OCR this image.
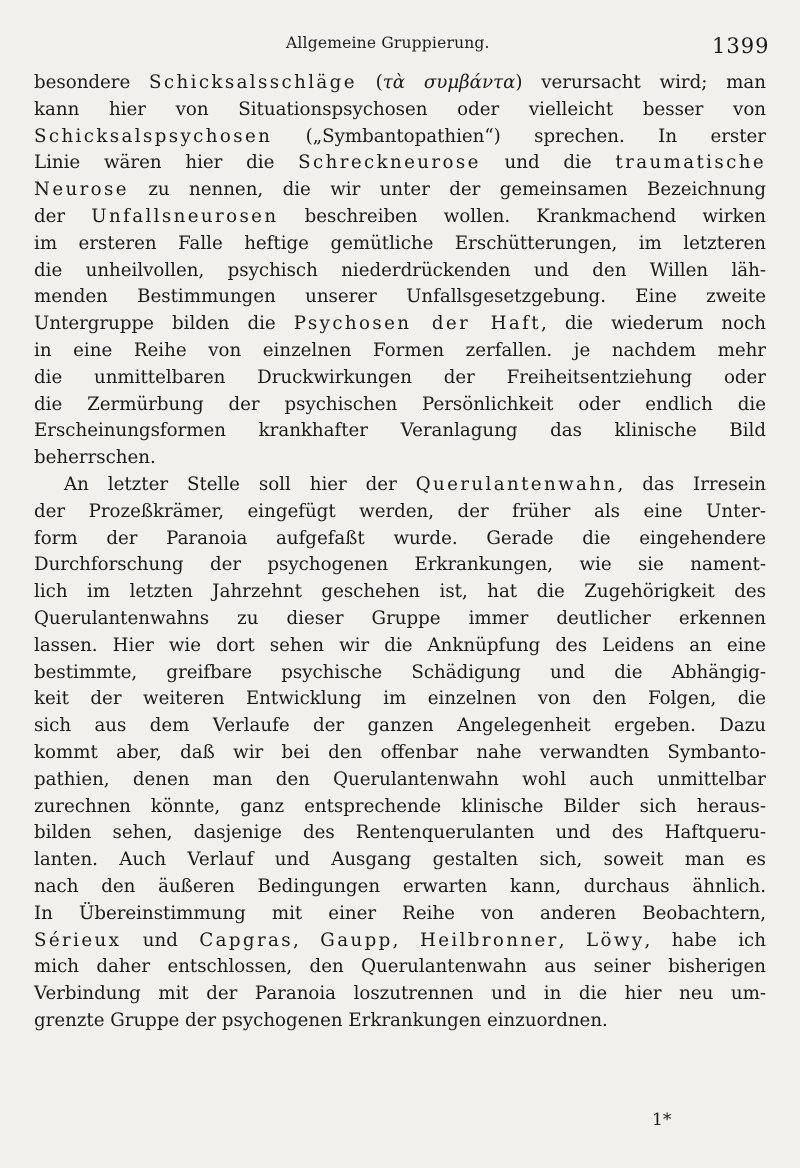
Allgemeine Gruppierung.	1399
besondere Schicksalsschläge (τὰ συμβάντα) verursacht wird; man
kann hier von Situationspsychosen oder vielleicht besser von
Schicksalspsychosen („Symbantopathien“) sprechen. In erster
Linie wären hier die Schreckneurose und die traumatische
Neurose zu nennen, die wir unter der gemeinsamen Bezeichnung
der Unfallsneurosen beschreiben wollen. Krankmachend wirken
im ersteren Falle heftige gemütliche Erschütterungen, im letzteren
die unheilvollen, psychisch niederdrückenden und den Willen läh-
menden Bestimmungen unserer Unfallsgesetzgebung. Eine zweite
Untergruppe bilden die Psychosen der Haft, die wiederum noch
in eine Reihe von einzelnen Formen zerfallen. je nachdem mehr
die unmittelbaren Druckwirkungen der Freiheitsentziehung oder
die Zermürbung der psychischen Persönlichkeit oder endlich die
Erscheinungsformen krankhafter Veranlagung das klinische Bild
beherrschen.
An letzter Stelle soll hier der Querulantenwahn, das Irresein
der Prozeßkrämer, eingefügt werden, der früher als eine Unter-
form der Paranoia aufgefaßt wurde. Gerade die eingehendere
Durchforschung der psychogenen Erkrankungen, wie sie nament-
lich im letzten Jahrzehnt geschehen ist, hat die Zugehörigkeit des
Querulantenwahns zu dieser Gruppe immer deutlicher erkennen
lassen. Hier wie dort sehen wir die Anknüpfung des Leidens an eine
bestimmte, greifbare psychische Schädigung und die Abhängig-
keit der weiteren Entwicklung im einzelnen von den Folgen, die
sich aus dem Verlaufe der ganzen Angelegenheit ergeben. Dazu
kommt aber, daß wir bei den offenbar nahe verwandten Symbanto-
pathien, denen man den Querulantenwahn wohl auch unmittelbar
zurechnen könnte, ganz entsprechende klinische Bilder sich heraus-
bilden sehen, dasjenige des Rentenquerulanten und des Haftqueru-
lanten. Auch Verlauf und Ausgang gestalten sich, soweit man es
nach den äußeren Bedingungen erwarten kann, durchaus ähnlich.
In Übereinstimmung mit einer Reihe von anderen Beobachtern,
Sérieux und Capgras, Gaupp, Heilbronner, Löwy, habe ich
mich daher entschlossen, den Querulantenwahn aus seiner bisherigen
Verbindung mit der Paranoia loszutrennen und in die hier neu um-
grenzte Gruppe der psychogenen Erkrankungen einzuordnen.
1*
